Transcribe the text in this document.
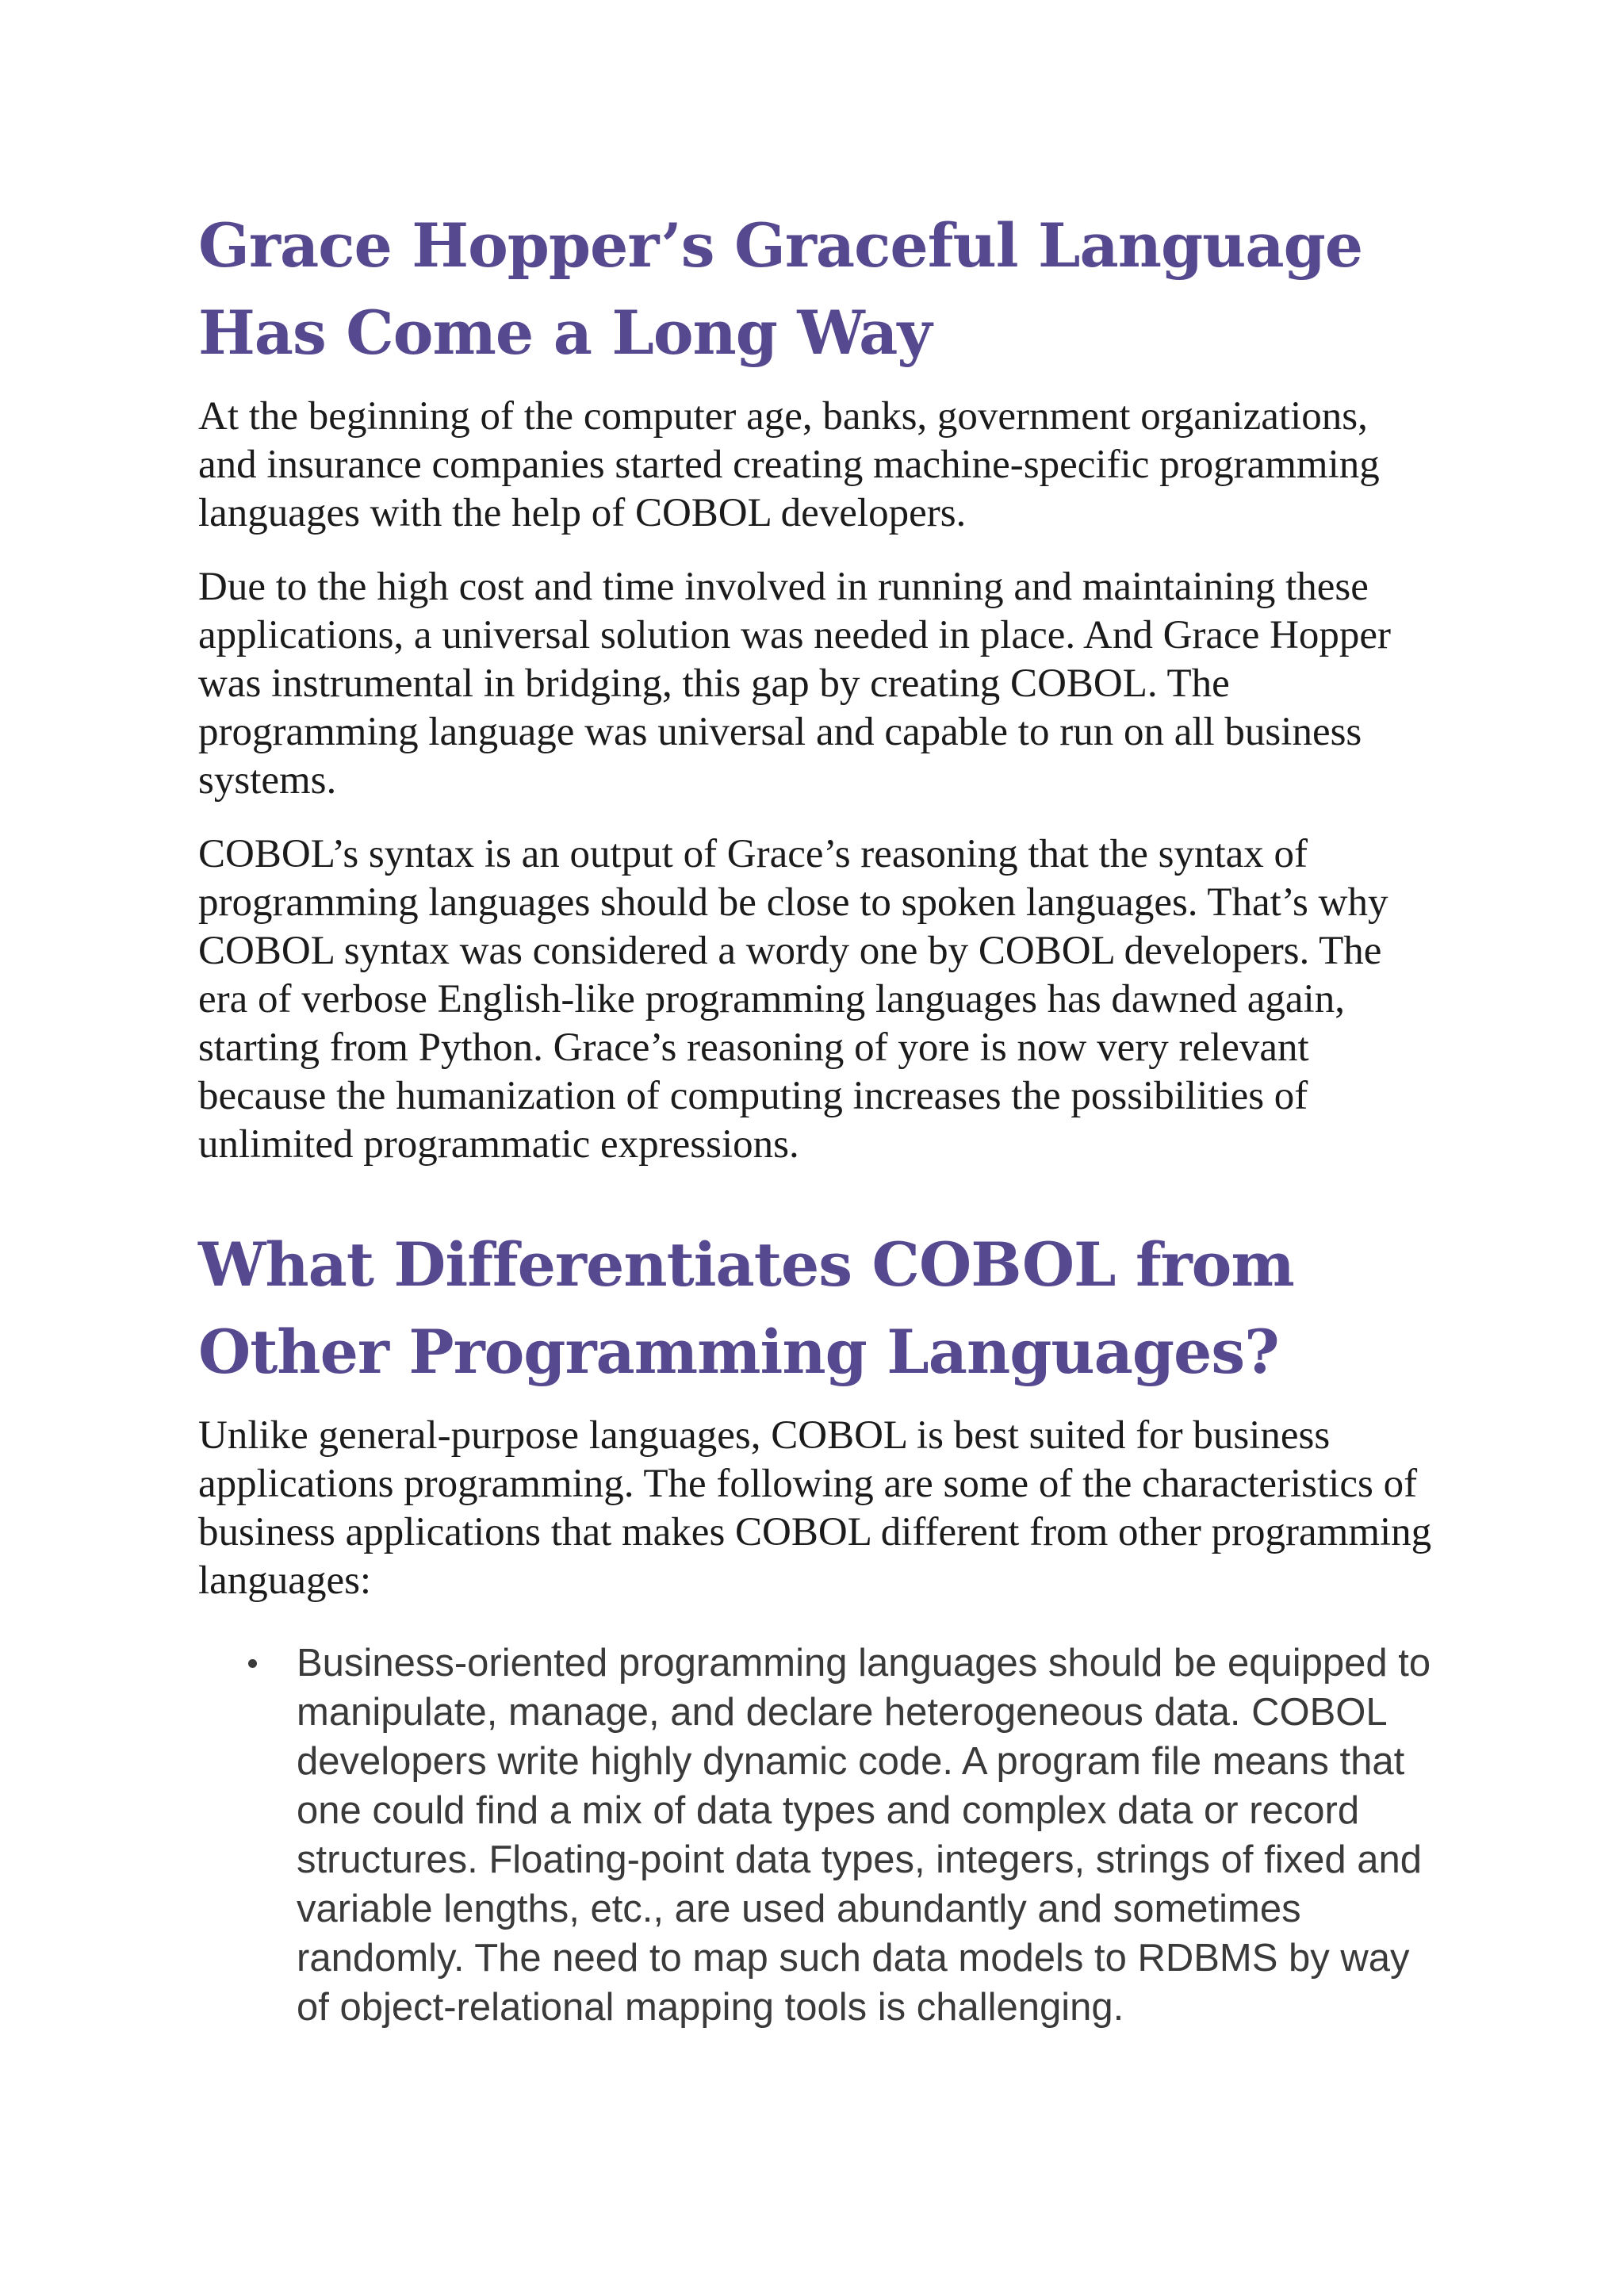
Grace Hopper’s Graceful Language Has Come a Long Way

At the beginning of the computer age, banks, government organizations, and insurance companies started creating machine-specific programming languages with the help of COBOL developers.

Due to the high cost and time involved in running and maintaining these applications, a universal solution was needed in place. And Grace Hopper was instrumental in bridging, this gap by creating COBOL. The programming language was universal and capable to run on all business systems.

COBOL’s syntax is an output of Grace’s reasoning that the syntax of programming languages should be close to spoken languages. That’s why COBOL syntax was considered a wordy one by COBOL developers. The era of verbose English-like programming languages has dawned again, starting from Python. Grace’s reasoning of yore is now very relevant because the humanization of computing increases the possibilities of unlimited programmatic expressions.

What Differentiates COBOL from Other Programming Languages?

Unlike general-purpose languages, COBOL is best suited for business applications programming. The following are some of the characteristics of business applications that makes COBOL different from other programming languages:

Business-oriented programming languages should be equipped to manipulate, manage, and declare heterogeneous data. COBOL developers write highly dynamic code. A program file means that one could find a mix of data types and complex data or record structures. Floating-point data types, integers, strings of fixed and variable lengths, etc., are used abundantly and sometimes randomly. The need to map such data models to RDBMS by way of object-relational mapping tools is challenging.
